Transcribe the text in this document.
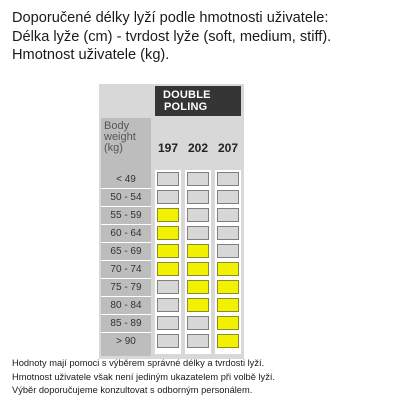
Doporučené délky lyží podle hmotnosti uživatele:
Délka lyže (cm) - tvrdost lyže (soft, medium, stiff).
Hmotnost uživatele (kg).
DOUBLE
POLING
Body
weight
(kg)	197 202 207
< 49
50 - 54
55 - 59
60 - 64
65 - 69
70 - 74
75 - 79
80 - 84
85 - 89
> 90
Hodnoty mají pomoci s výběrem správné délky a tvrdosti lyží.
Hmotnost uživatele však není jediným ukazatelem při volbě lyží.
Výběr doporučujeme konzultovat s odborným personálem.
